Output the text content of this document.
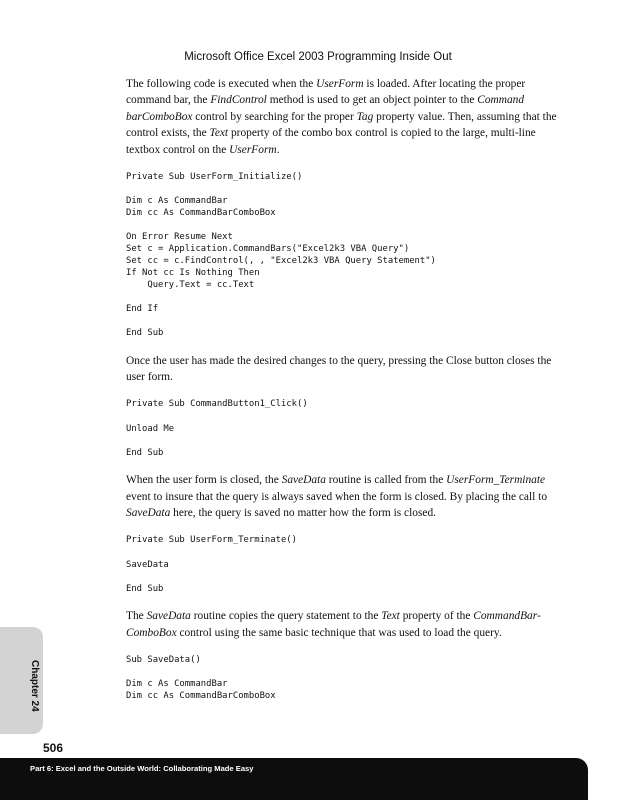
Microsoft Office Excel 2003 Programming Inside Out

The following code is executed when the UserForm is loaded. After locating the proper command bar, the FindControl method is used to get an object pointer to the Command barComboBox control by searching for the proper Tag property value. Then, assuming that the control exists, the Text property of the combo box control is copied to the large, multi-line textbox control on the UserForm.

Private Sub UserForm_Initialize()
Dim c As CommandBar
Dim cc As CommandBarComboBox
On Error Resume Next
Set c = Application.CommandBars("Excel2k3 VBA Query")
Set cc = c.FindControl(, , "Excel2k3 VBA Query Statement")
If Not cc Is Nothing Then
Query.Text = cc.Text
End If
End Sub

Once the user has made the desired changes to the query, pressing the Close button closes the user form.

Private Sub CommandButton1_Click()
Unload Me
End Sub

When the user form is closed, the SaveData routine is called from the UserForm_Terminate event to insure that the query is always saved when the form is closed. By placing the call to SaveData here, the query is saved no matter how the form is closed.

Private Sub UserForm_Terminate()
SaveData
End Sub

The SaveData routine copies the query statement to the Text property of the CommandBar-ComboBox control using the same basic technique that was used to load the query.

Sub SaveData()
Dim c As CommandBar
Dim cc As CommandBarComboBox
Chapter 24
506
Part 6: Excel and the Outside World: Collaborating Made Easy
